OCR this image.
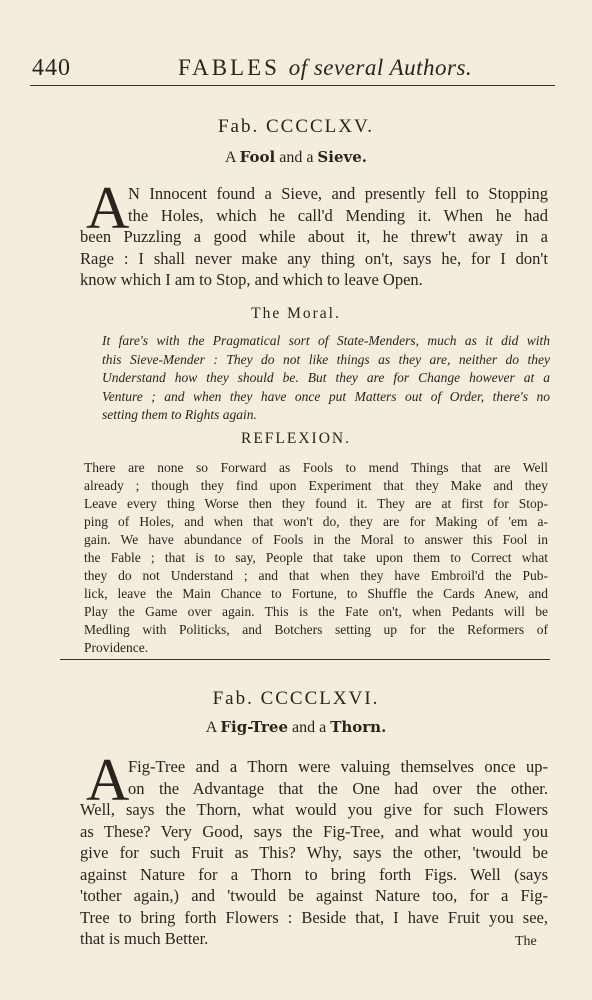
440	FABLES of several Authors.
Fab. CCCCLXV.
A Fool and a Sieve.
A
N Innocent found a Sieve, and presently fell to Stopping
the Holes, which he call'd Mending it. When he had
been Puzzling a good while about it, he threw't away in a
Rage : I shall never make any thing on't, says he, for I don't
know which I am to Stop, and which to leave Open.
The Moral.
It fare's with the Pragmatical sort of State-Menders, much as it did with
this Sieve-Mender : They do not like things as they are, neither do they
Understand how they should be. But they are for Change however at a
Venture ; and when they have once put Matters out of Order, there's no
setting them to Rights again.
REFLEXION.
There are none so Forward as Fools to mend Things that are Well
already ; though they find upon Experiment that they Make and they
Leave every thing Worse then they found it. They are at first for Stop-
ping of Holes, and when that won't do, they are for Making of 'em a-
gain. We have abundance of Fools in the Moral to answer this Fool in
the Fable ; that is to say, People that take upon them to Correct what
they do not Understand ; and that when they have Embroil'd the Pub-
lick, leave the Main Chance to Fortune, to Shuffle the Cards Anew, and
Play the Game over again. This is the Fate on't, when Pedants will be
Medling with Politicks, and Botchers setting up for the Reformers of
Providence.
Fab. CCCCLXVI.
A Fig-Tree and a Thorn.
A
Fig-Tree and a Thorn were valuing themselves once up-
on the Advantage that the One had over the other.
Well, says the Thorn, what would you give for such Flowers
as These? Very Good, says the Fig-Tree, and what would you
give for such Fruit as This? Why, says the other, 'twould be
against Nature for a Thorn to bring forth Figs. Well (says
'tother again,) and 'twould be against Nature too, for a Fig-
Tree to bring forth Flowers : Beside that, I have Fruit you see,
that is much Better.	The
